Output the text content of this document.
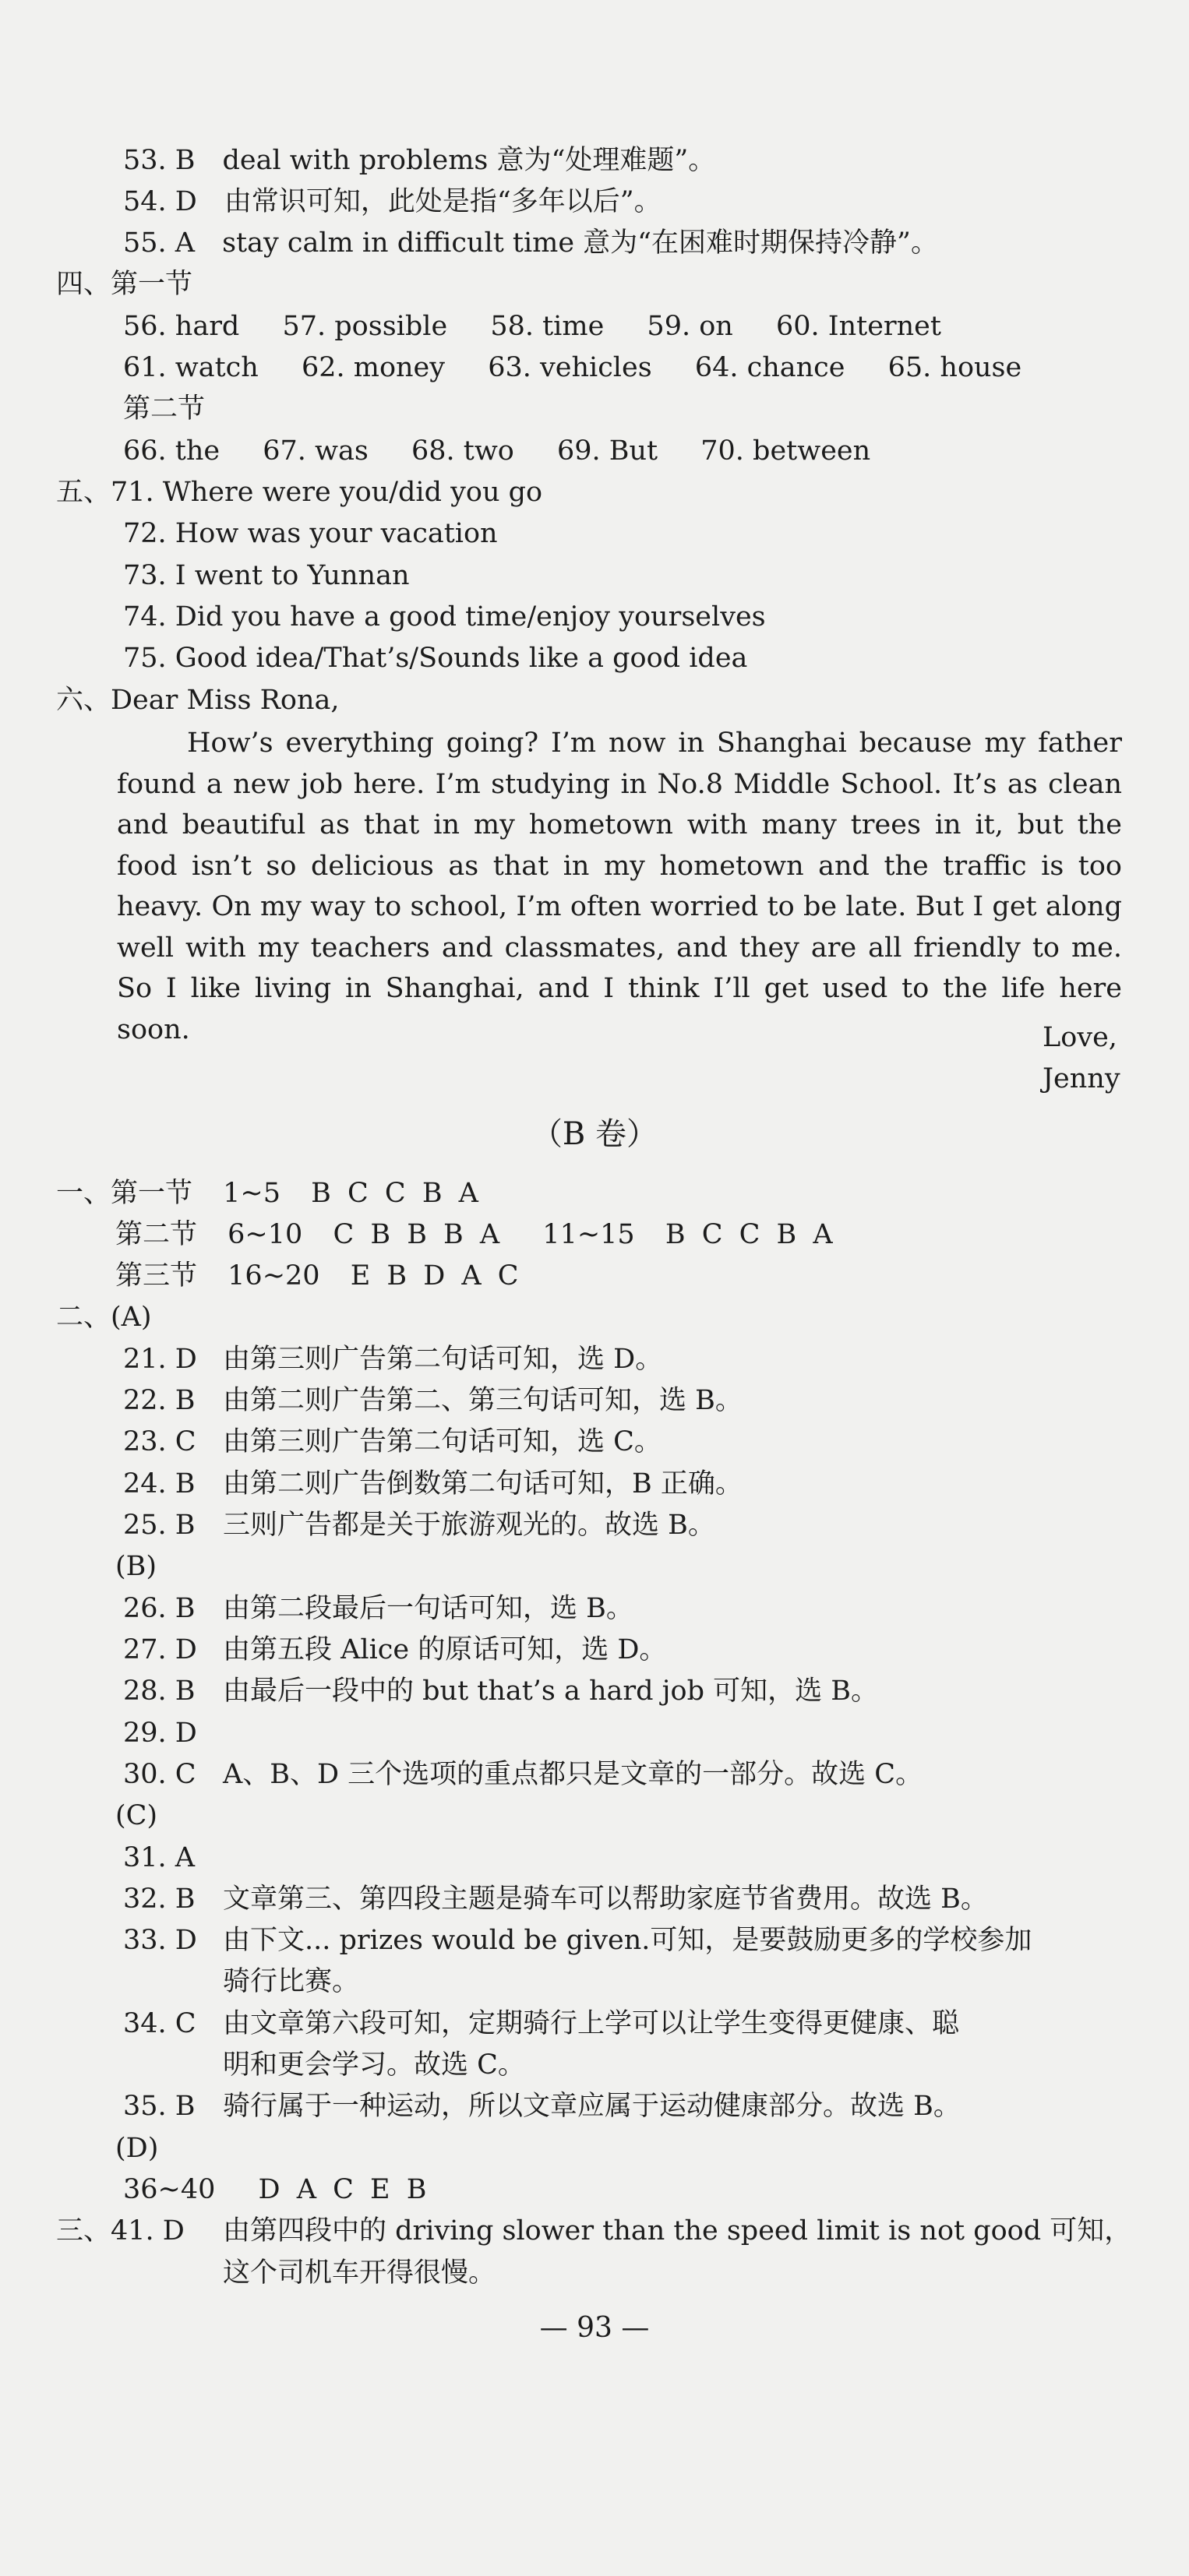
53. B deal with problems 意为“处理难题”。
54. D 由常识可知，此处是指“多年以后”。
55. A stay calm in difficult time 意为“在困难时期保持冷静”。
四、第一节
56. hard 57. possible 58. time 59. on 60. Internet
61. watch 62. money 63. vehicles 64. chance 65. house
第二节
66. the 67. was 68. two 69. But 70. between
五、71. Where were you/did you go
72. How was your vacation
73. I went to Yunnan
74. Did you have a good time/enjoy yourselves
75. Good idea/That’s/Sounds like a good idea
六、Dear Miss Rona,
How’s everything going? I’m now in Shanghai because my father found a new job here. I’m studying in No.8 Middle School. It’s as clean and beautiful as that in my hometown with many trees in it, but the food isn’t so delicious as that in my hometown and the traffic is too heavy. On my way to school, I’m often worried to be late. But I get along well with my teachers and classmates, and they are all friendly to me. So I like living in Shanghai, and I think I’ll get used to the life here soon.	Love,
Jenny
（B 卷）
一、第一节 1~5 B C C B A
第二节 6~10 C B B B A 11~15 B C C B A
第三节 16~20 E B D A C
二、(A)
21. D 由第三则广告第二句话可知，选 D。
22. B 由第二则广告第二、第三句话可知，选 B。
23. C 由第三则广告第二句话可知，选 C。
24. B 由第二则广告倒数第二句话可知，B 正确。
25. B 三则广告都是关于旅游观光的。故选 B。
(B)
26. B 由第二段最后一句话可知，选 B。
27. D 由第五段 Alice 的原话可知，选 D。
28. B 由最后一段中的 but that’s a hard job 可知，选 B。
29. D
30. C A、B、D 三个选项的重点都只是文章的一部分。故选 C。
(C)
31. A
32. B 文章第三、第四段主题是骑车可以帮助家庭节省费用。故选 B。
33. D 由下文... prizes would be given.可知，是要鼓励更多的学校参加
骑行比赛。
34. C 由文章第六段可知，定期骑行上学可以让学生变得更健康、聪
明和更会学习。故选 C。
35. B 骑行属于一种运动，所以文章应属于运动健康部分。故选 B。
(D)
36~40 D A C E B
三、41. D 由第四段中的 driving slower than the speed limit is not good 可知，
这个司机车开得很慢。
— 93 —
